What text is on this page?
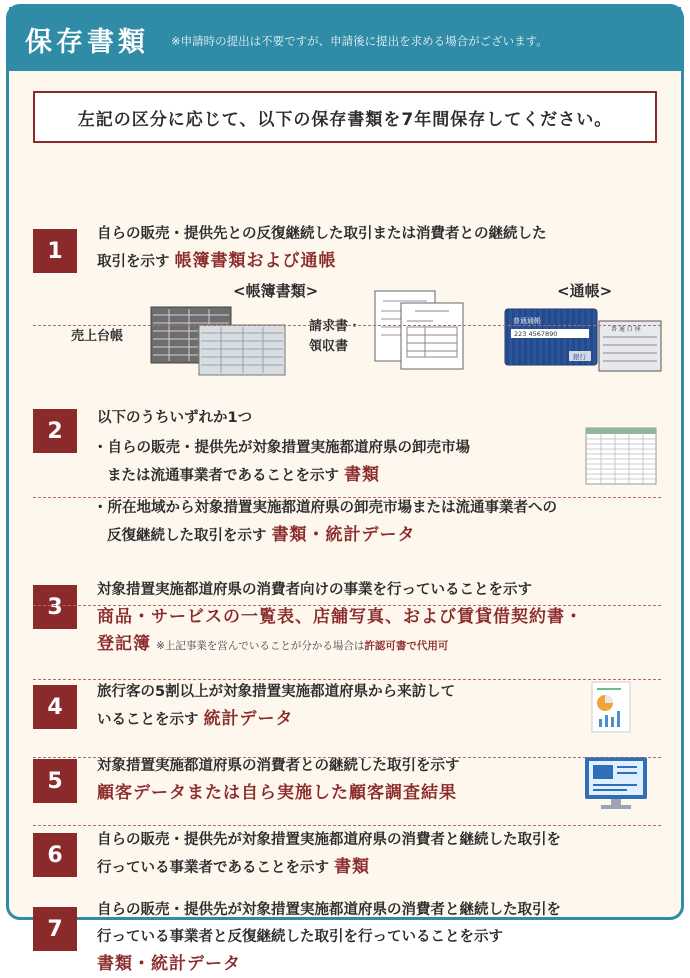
保存書類 ※申請時の提出は不要ですが、申請後に提出を求める場合がございます。
左記の区分に応じて、以下の保存書類を7年間保存してください。
1
自らの販売・提供先との反復継続した取引または消費者との継続した
取引を示す 帳簿書類および通帳
<帳簿書類>	<通帳>
売上台帳
請求書・
領収書
普通通帳
223 4567890
銀行
普 通 口 座
2
以下のうちいずれか1つ
・自らの販売・提供先が対象措置実施都道府県の卸売市場
または流通事業者であることを示す 書類
・所在地域から対象措置実施都道府県の卸売市場または流通事業者への
反復継続した取引を示す 書類・統計データ
3
対象措置実施都道府県の消費者向けの事業を行っていることを示す
商品・サービスの一覧表、店舗写真、および賃貸借契約書・
登記簿 ※上記事業を営んでいることが分かる場合は許認可書で代用可
4
旅行客の5割以上が対象措置実施都道府県から来訪して
いることを示す 統計データ
5
対象措置実施都道府県の消費者との継続した取引を示す
顧客データまたは自ら実施した顧客調査結果
6
自らの販売・提供先が対象措置実施都道府県の消費者と継続した取引を
行っている事業者であることを示す 書類
7
自らの販売・提供先が対象措置実施都道府県の消費者と継続した取引を
行っている事業者と反復継続した取引を行っていることを示す
書類・統計データ
